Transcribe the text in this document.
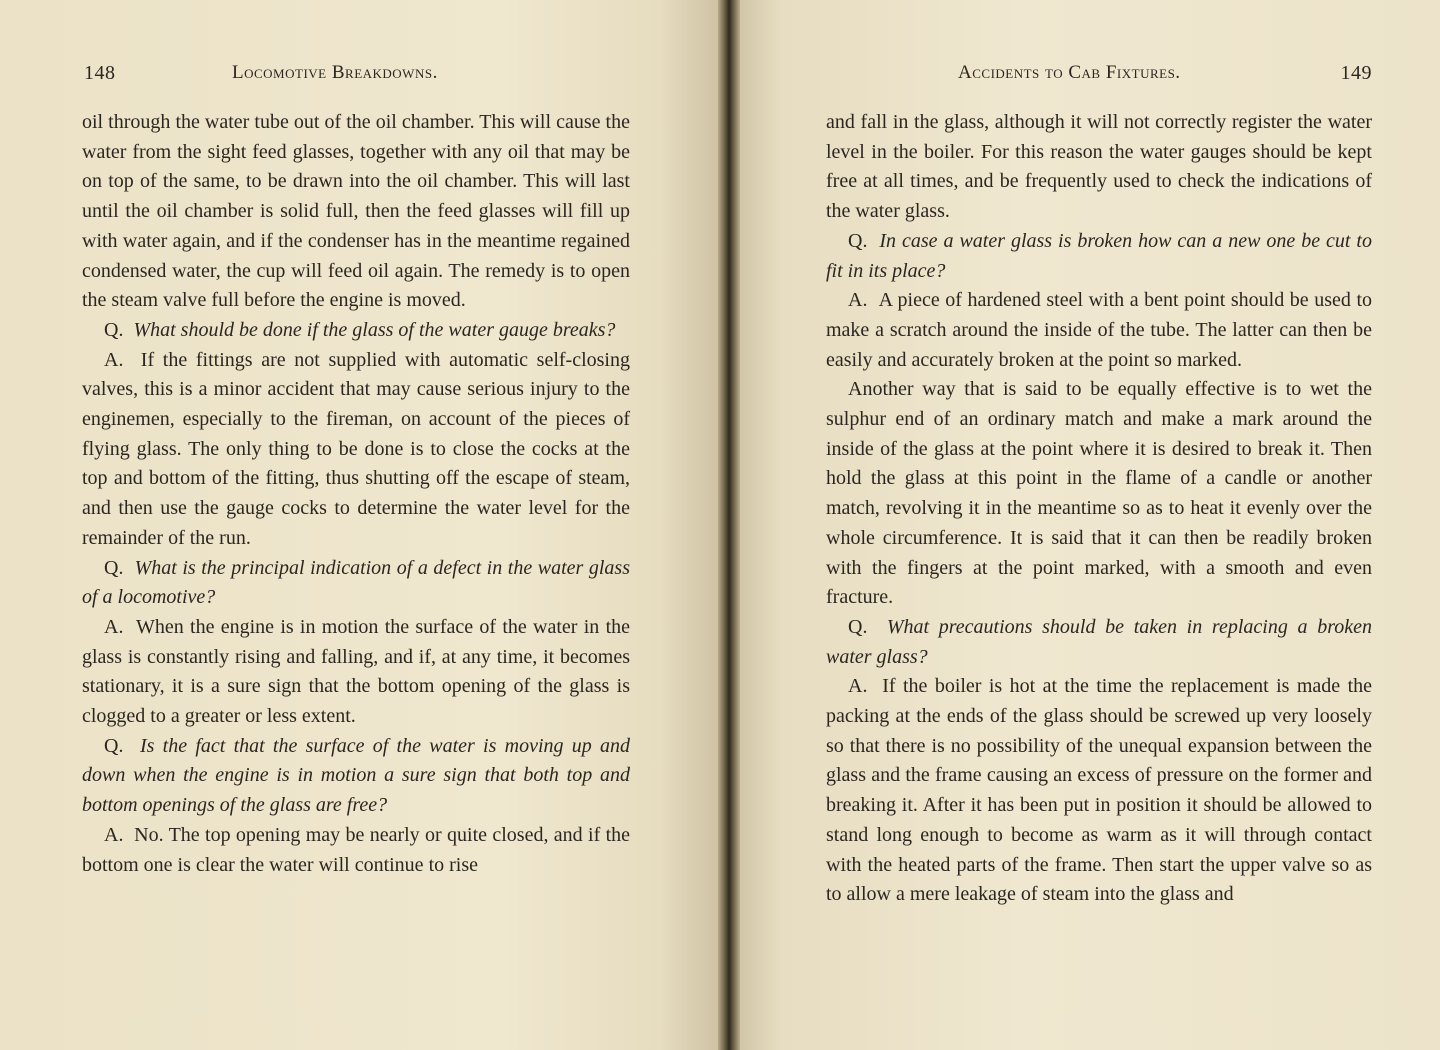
148	Locomotive Breakdowns.

oil through the water tube out of the oil chamber. This will cause the water from the sight feed glasses, together with any oil that may be on top of the same, to be drawn into the oil chamber. This will last until the oil chamber is solid full, then the feed glasses will fill up with water again, and if the condenser has in the meantime regained condensed water, the cup will feed oil again. The remedy is to open the steam valve full before the engine is moved.

Q. What should be done if the glass of the water gauge breaks?

A. If the fittings are not supplied with automatic self-closing valves, this is a minor accident that may cause serious injury to the enginemen, especially to the fireman, on account of the pieces of flying glass. The only thing to be done is to close the cocks at the top and bottom of the fitting, thus shutting off the escape of steam, and then use the gauge cocks to determine the water level for the remainder of the run.

Q. What is the principal indication of a defect in the water glass of a locomotive?

A. When the engine is in motion the surface of the water in the glass is constantly rising and falling, and if, at any time, it becomes stationary, it is a sure sign that the bottom opening of the glass is clogged to a greater or less extent.

Q. Is the fact that the surface of the water is moving up and down when the engine is in motion a sure sign that both top and bottom openings of the glass are free?

A. No. The top opening may be nearly or quite closed, and if the bottom one is clear the water will continue to rise

Accidents to Cab Fixtures.	149

and fall in the glass, although it will not correctly register the water level in the boiler. For this reason the water gauges should be kept free at all times, and be frequently used to check the indications of the water glass.

Q. In case a water glass is broken how can a new one be cut to fit in its place?

A. A piece of hardened steel with a bent point should be used to make a scratch around the inside of the tube. The latter can then be easily and accurately broken at the point so marked.

Another way that is said to be equally effective is to wet the sulphur end of an ordinary match and make a mark around the inside of the glass at the point where it is desired to break it. Then hold the glass at this point in the flame of a candle or another match, revolving it in the meantime so as to heat it evenly over the whole circumference. It is said that it can then be readily broken with the fingers at the point marked, with a smooth and even fracture.

Q. What precautions should be taken in replacing a broken water glass?

A. If the boiler is hot at the time the replacement is made the packing at the ends of the glass should be screwed up very loosely so that there is no possibility of the unequal expansion between the glass and the frame causing an excess of pressure on the former and breaking it. After it has been put in position it should be allowed to stand long enough to become as warm as it will through contact with the heated parts of the frame. Then start the upper valve so as to allow a mere leakage of steam into the glass and
